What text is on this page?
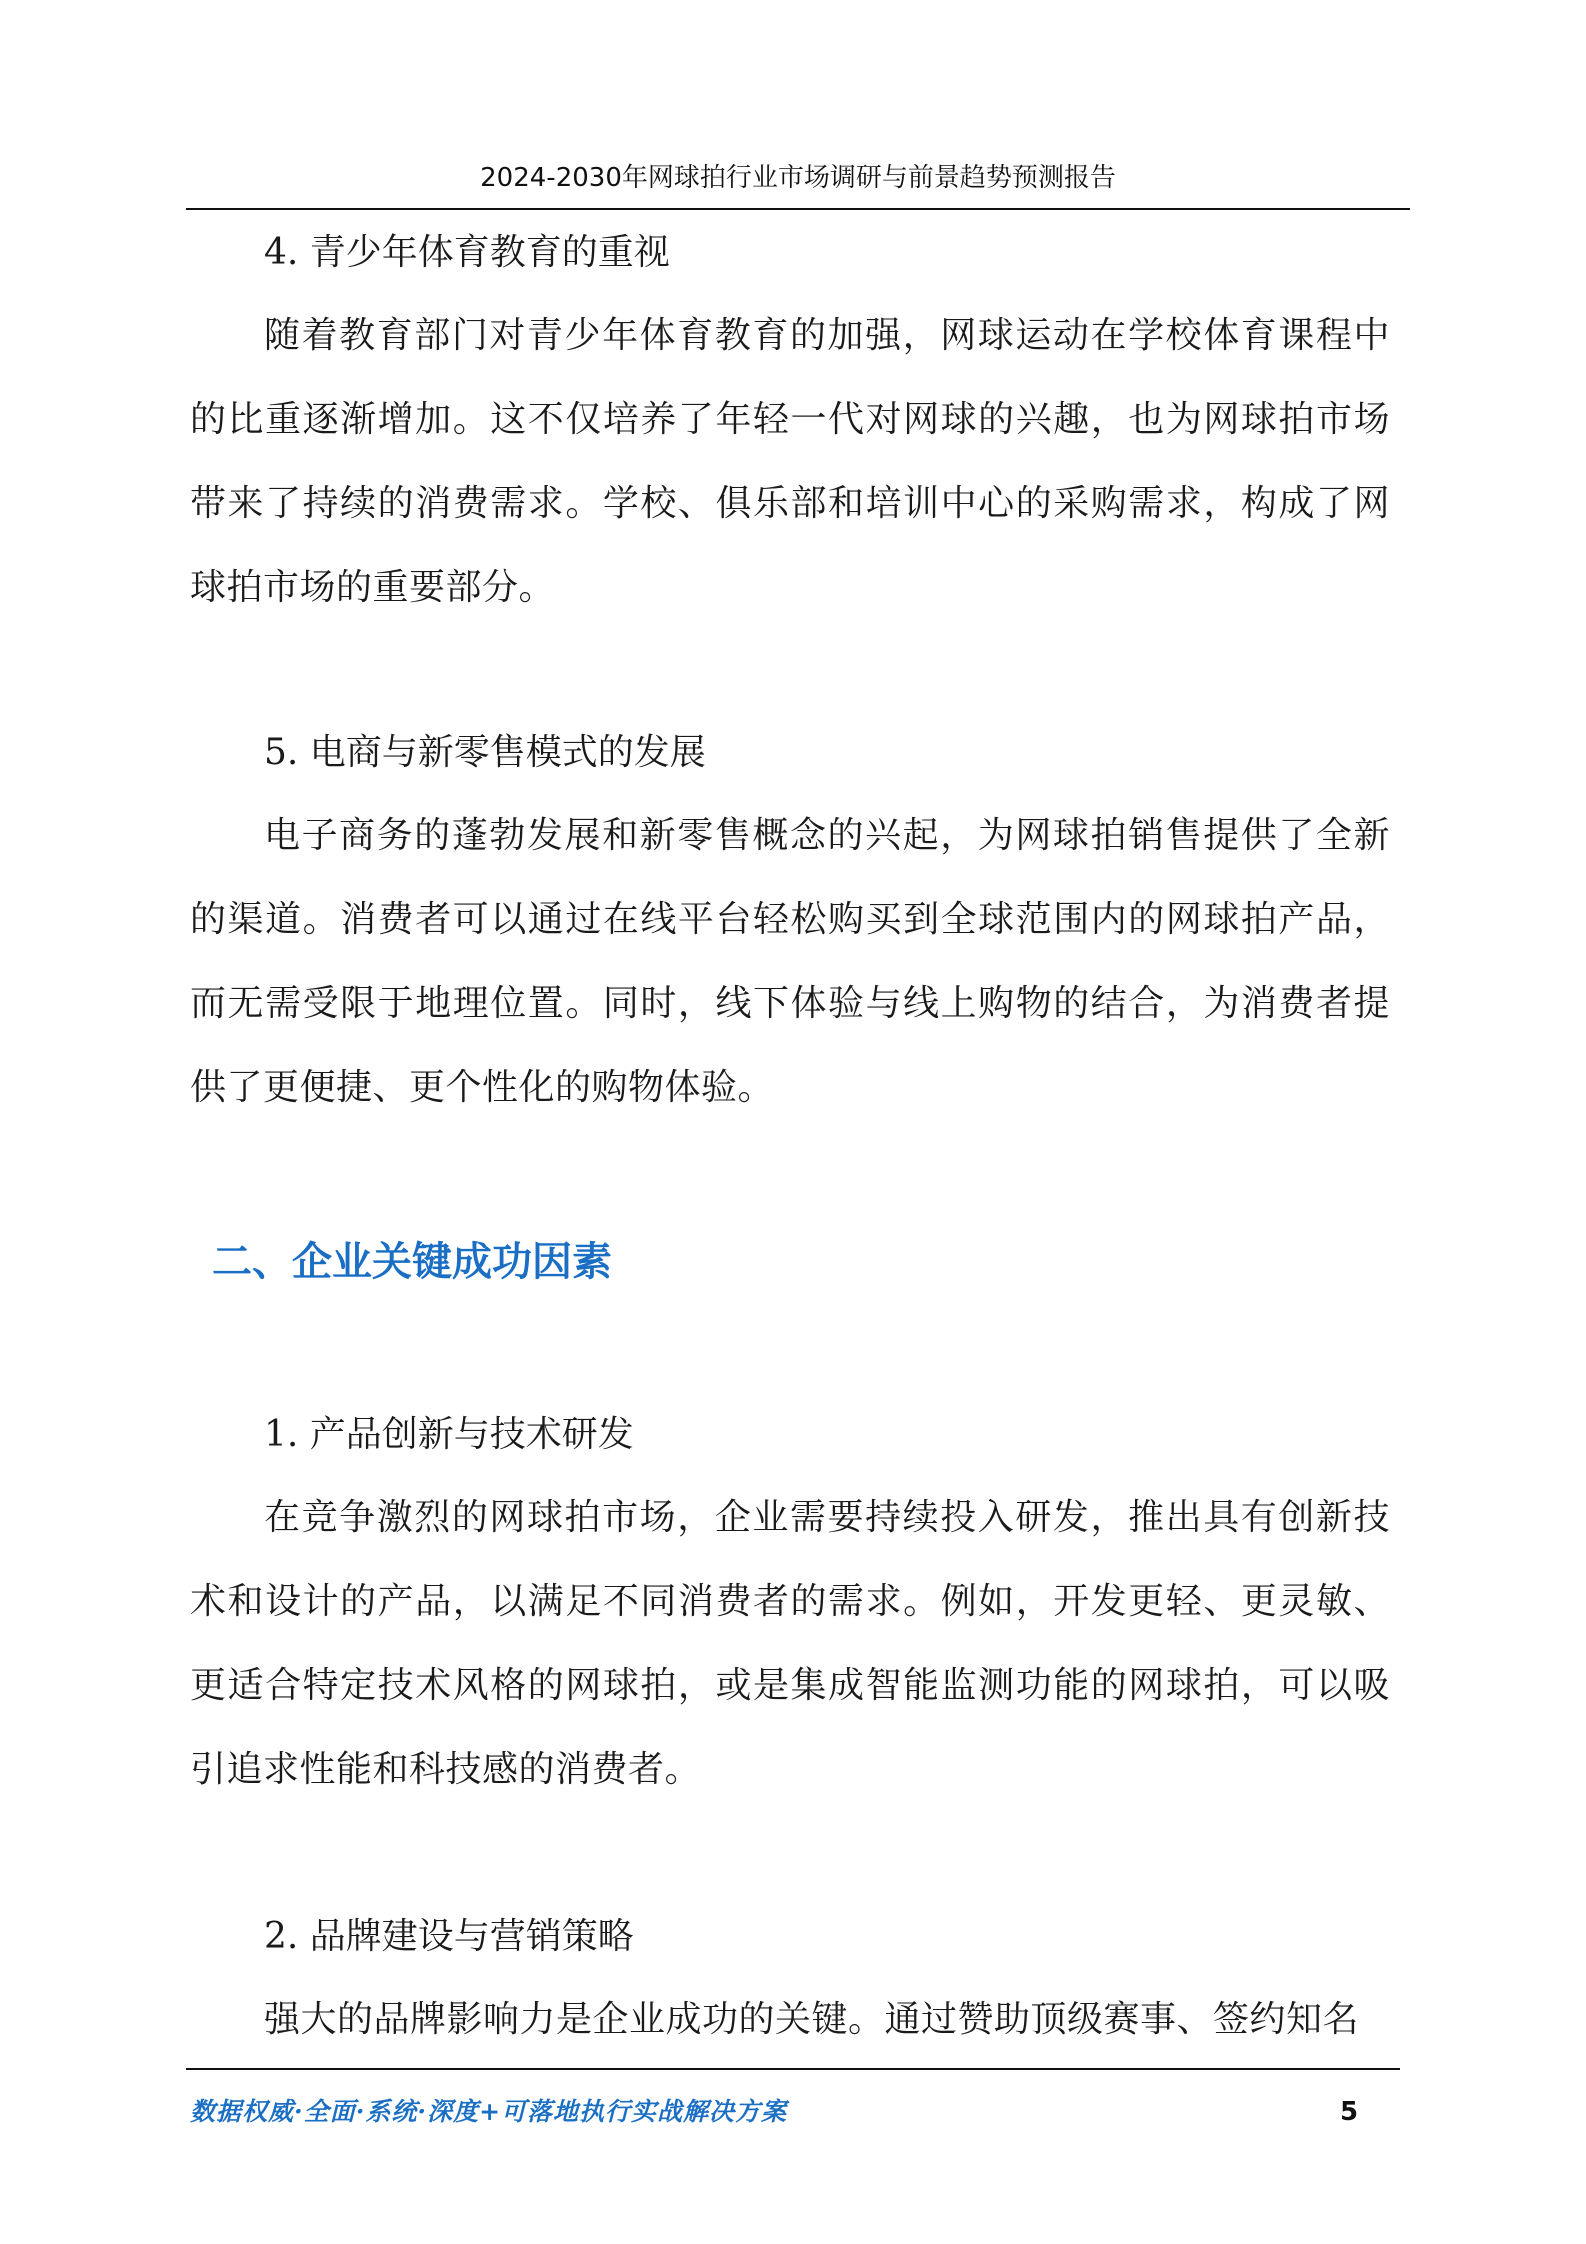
2024-2030年网球拍行业市场调研与前景趋势预测报告
4. 青少年体育教育的重视

随着教育部门对青少年体育教育的加强，网球运动在学校体育课程中的比重逐渐增加。这不仅培养了年轻一代对网球的兴趣，也为网球拍市场带来了持续的消费需求。学校、俱乐部和培训中心的采购需求，构成了网球拍市场的重要部分。

5. 电商与新零售模式的发展

电子商务的蓬勃发展和新零售概念的兴起，为网球拍销售提供了全新的渠道。消费者可以通过在线平台轻松购买到全球范围内的网球拍产品，而无需受限于地理位置。同时，线下体验与线上购物的结合，为消费者提供了更便捷、更个性化的购物体验。

二、企业关键成功因素
1. 产品创新与技术研发

在竞争激烈的网球拍市场，企业需要持续投入研发，推出具有创新技术和设计的产品，以满足不同消费者的需求。例如，开发更轻、更灵敏、更适合特定技术风格的网球拍，或是集成智能监测功能的网球拍，可以吸引追求性能和科技感的消费者。

2. 品牌建设与营销策略

强大的品牌影响力是企业成功的关键。通过赞助顶级赛事、签约知名

数据权威·全面·系统·深度+可落地执行实战解决方案	5
